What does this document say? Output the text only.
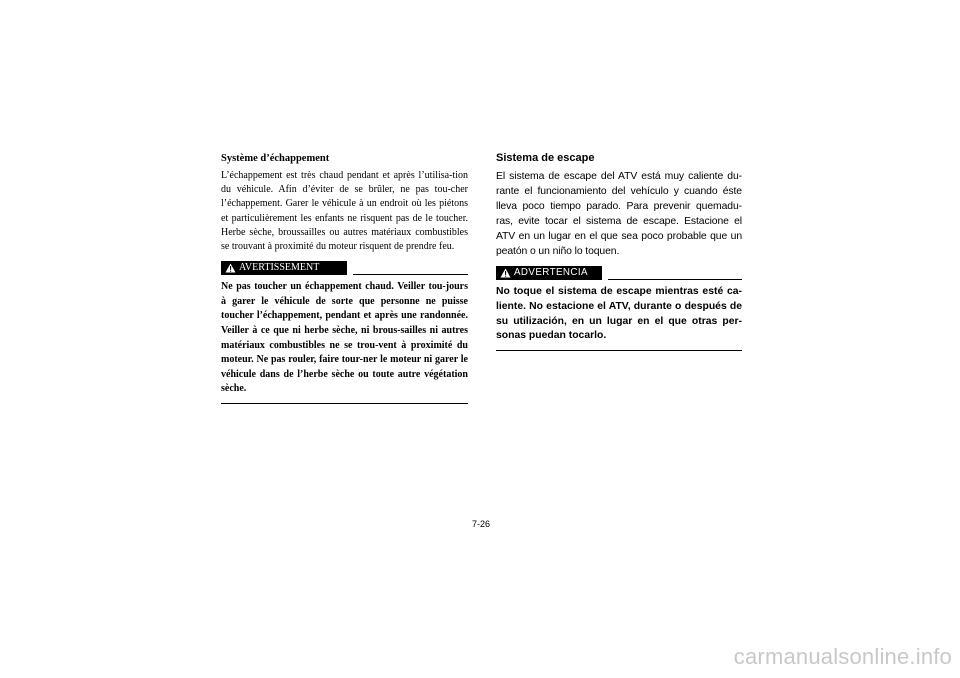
Système d’échappement

L’échappement est très chaud pendant et après l’utilisa-tion du véhicule. Afin d’éviter de se brûler, ne pas tou-cher l’échappement. Garer le véhicule à un endroit où les piétons et particulièrement les enfants ne risquent pas de le toucher. Herbe sèche, broussailles ou autres matériaux combustibles se trouvant à proximité du moteur risquent de prendre feu.

AVERTISSEMENT

Ne pas toucher un échappement chaud. Veiller tou-jours à garer le véhicule de sorte que personne ne puisse toucher l’échappement, pendant et après une randonnée. Veiller à ce que ni herbe sèche, ni brous-sailles ni autres matériaux combustibles ne se trou-vent à proximité du moteur. Ne pas rouler, faire tour-ner le moteur ni garer le véhicule dans de l’herbe sèche ou toute autre végétation sèche.

Sistema de escape

El sistema de escape del ATV está muy caliente du-rante el funcionamiento del vehículo y cuando éste lleva poco tiempo parado. Para prevenir quemadu-ras, evite tocar el sistema de escape. Estacione el ATV en un lugar en el que sea poco probable que un peatón o un niño lo toquen.

ADVERTENCIA

No toque el sistema de escape mientras esté ca-liente. No estacione el ATV, durante o después de su utilización, en un lugar en el que otras per-sonas puedan tocarlo.

7-26
carmanualsonline.info
